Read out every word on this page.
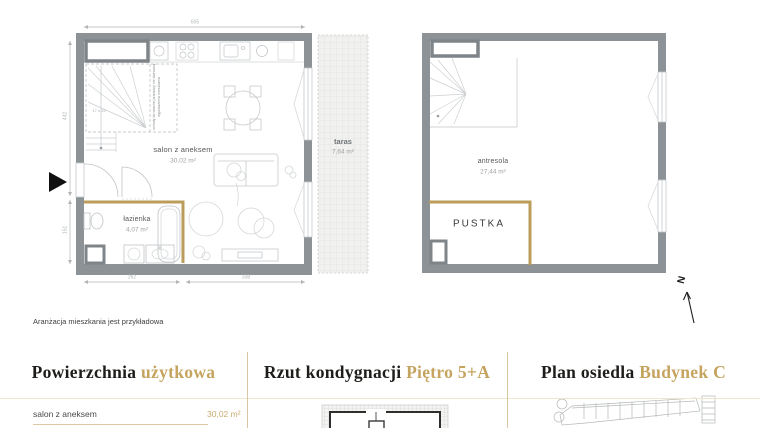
salon z aneksem
30,02 m²
łazienka
4,07 m²
taras
7,64 m²
schody do własnej aranżacji nie stanowią wyposażenia mieszkania
17 x 19
605
262	338
442
151
antresola
27,44 m²
PUSTKA
N
Aranżacja mieszkania jest przykładowa
Powierzchnia użytkowa	Rzut kondygnacji Piętro 5+A	Plan osiedla Budynek C
salon z aneksem	30,02 m²
